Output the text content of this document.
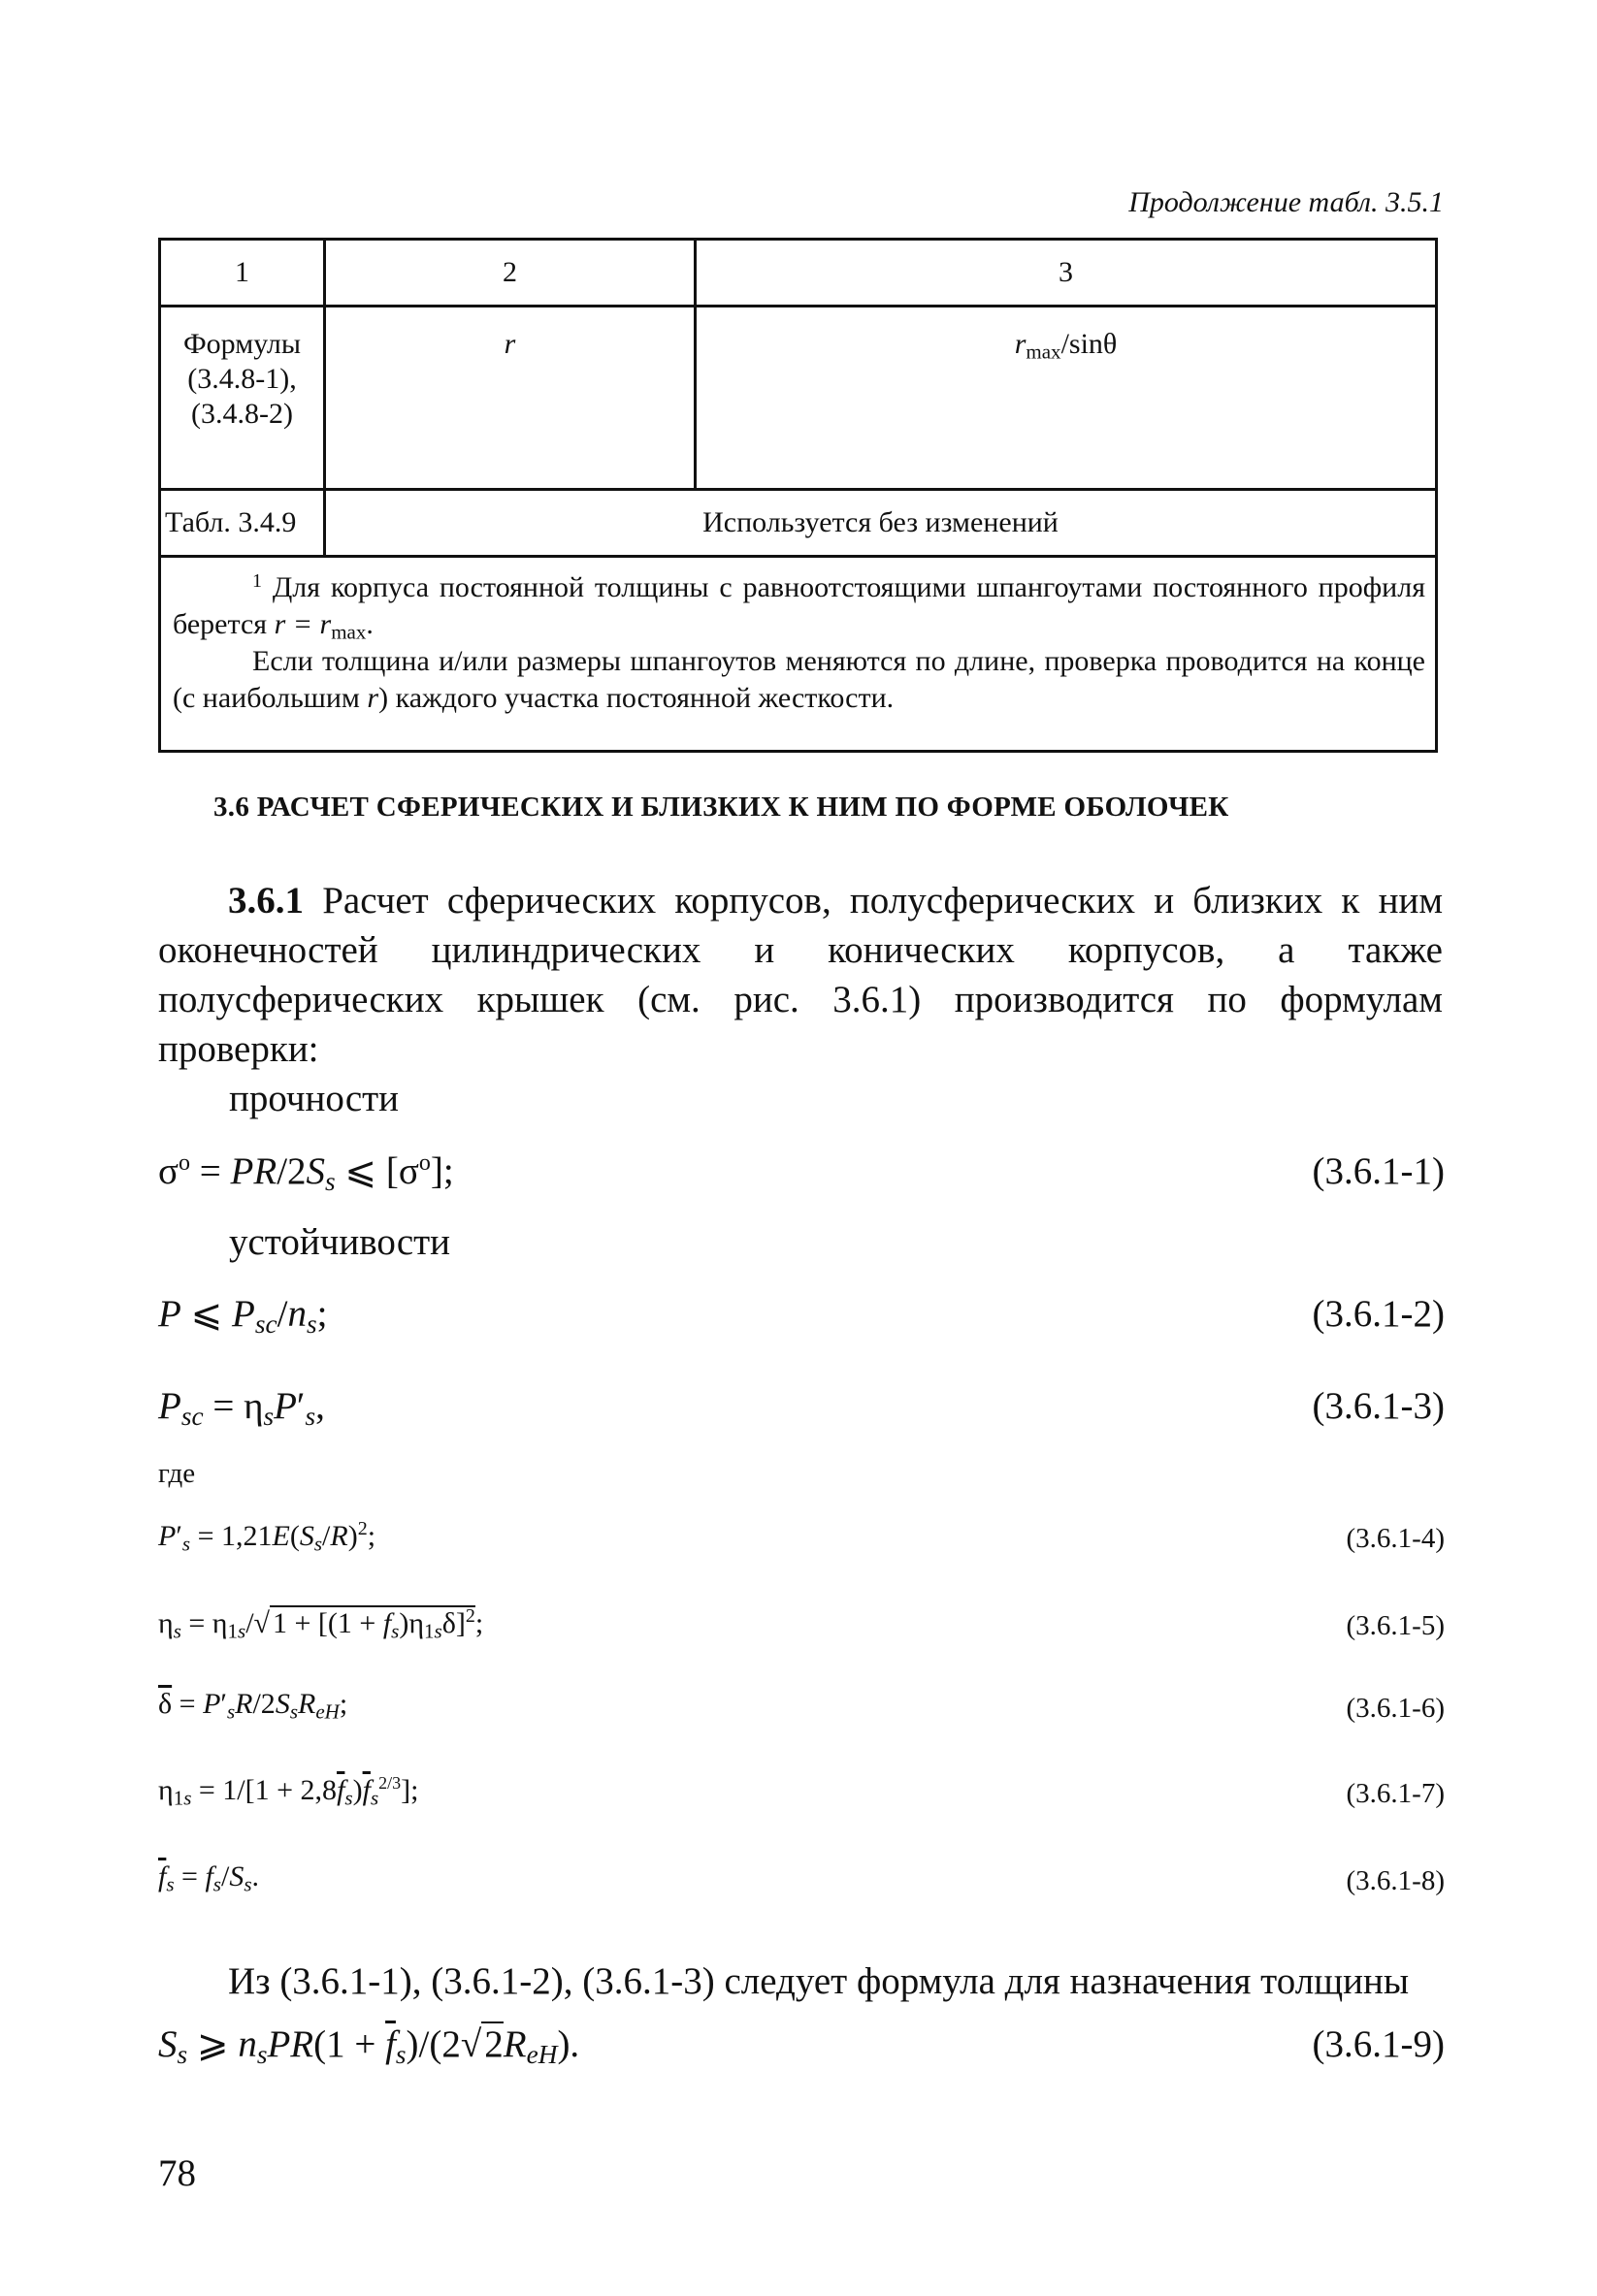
Продолжение табл. 3.5.1
1	2	3

Формулы
(3.4.8-1),
(3.4.8-2)	r	$r_{max}$/sinθ
Табл. 3.4.9	Используется без изменений	

$^1$ Для корпуса постоянной толщины с равноотстоящими шпангоутами постоянного профиля берется $r = r_{max}$.

Если толщина и/или размеры шпангоутов меняются по длине, проверка проводится на конце (с наибольшим r) каждого участка постоянной жесткости.		

3.6 РАСЧЕТ СФЕРИЧЕСКИХ И БЛИЗКИХ К НИМ ПО ФОРМЕ ОБОЛОЧЕК
3.6.1 Расчет сферических корпусов, полусферических и близких к ним оконечностей цилиндрических и конических корпусов, а также полусферических крышек (см. рис. 3.6.1) производится по формулам проверки:
прочности
$\sigma^o = PR/2S_s$ ⩽ $[\sigma^o]$;	(3.6.1-1)
устойчивости
P ⩽ $P_{sc}/n_s$;	(3.6.1-2)
$P_{sc} = \eta_sP'_s$,	(3.6.1-3)
где
$P'_s = 1,21E(S_s/R)^2$;	(3.6.1-4)
$\eta_s = \eta_{1s}/√$ $1 + [(1 + f_s)\eta_{1s}\delta]^2$;	(3.6.1-5)
$\overline{\delta} = P'_sR/2S_sR_{eH}$;	(3.6.1-6)
$\eta_{1s} = 1/[1 + 2,8\overline{f}_s)\overline{f}_s^{2/3}$];	(3.6.1-7)
$\overline{f}_s = f_s/S_s$.	(3.6.1-8)
Из (3.6.1-1), (3.6.1-2), (3.6.1-3) следует формула для назначения толщины
$S_s$ ⩾ $n_sPR(1 + \overline{f}_s)/(2√2R_{eH})$.	(3.6.1-9)
78
